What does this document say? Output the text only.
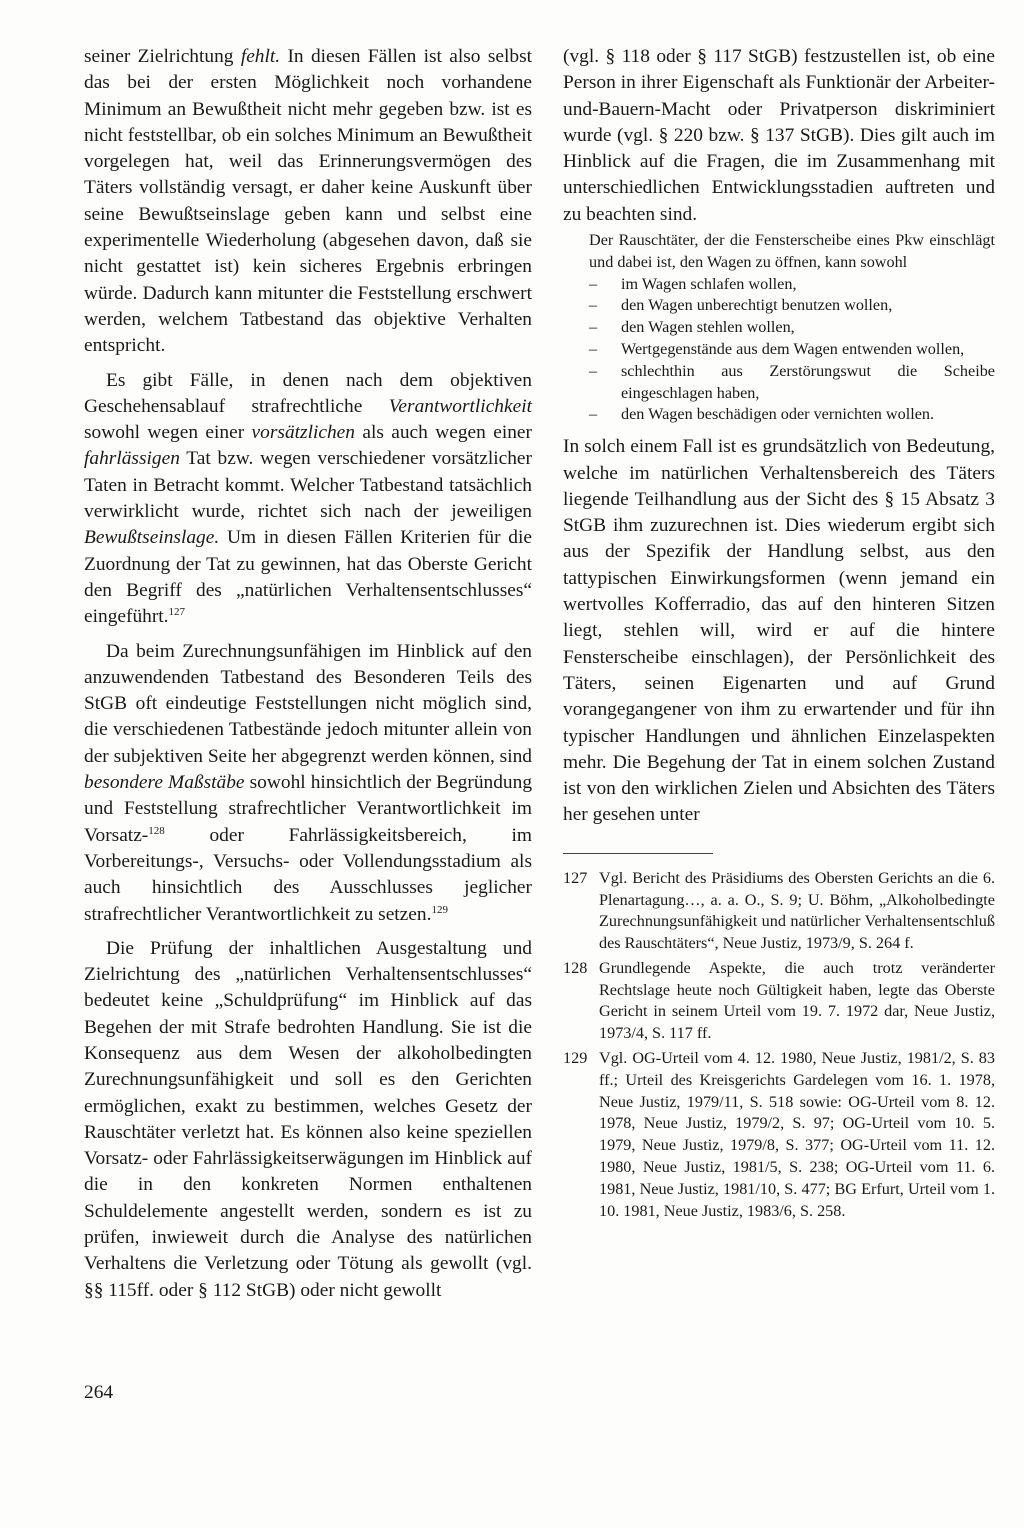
seiner Zielrichtung fehlt. In diesen Fällen ist also selbst das bei der ersten Möglichkeit noch vorhandene Minimum an Bewußtheit nicht mehr gegeben bzw. ist es nicht feststellbar, ob ein solches Minimum an Bewußtheit vorgelegen hat, weil das Erinnerungsvermögen des Täters vollständig versagt, er daher keine Auskunft über seine Bewußtseinslage geben kann und selbst eine experimentelle Wiederholung (abgesehen davon, daß sie nicht gestattet ist) kein sicheres Ergebnis erbringen würde. Dadurch kann mitunter die Feststellung erschwert werden, welchem Tatbestand das objektive Verhalten entspricht.

Es gibt Fälle, in denen nach dem objektiven Geschehensablauf strafrechtliche Verantwortlichkeit sowohl wegen einer vorsätzlichen als auch wegen einer fahrlässigen Tat bzw. wegen verschiedener vorsätzlicher Taten in Betracht kommt. Welcher Tatbestand tatsächlich verwirklicht wurde, richtet sich nach der jeweiligen Bewußtseinslage. Um in diesen Fällen Kriterien für die Zuordnung der Tat zu gewinnen, hat das Oberste Gericht den Begriff des „natürlichen Verhaltensentschlusses“ eingeführt.$^{127}$

Da beim Zurechnungsunfähigen im Hinblick auf den anzuwendenden Tatbestand des Besonderen Teils des StGB oft eindeutige Feststellungen nicht möglich sind, die verschiedenen Tatbestände jedoch mitunter allein von der subjektiven Seite her abgegrenzt werden können, sind besondere Maßstäbe sowohl hinsichtlich der Begründung und Feststellung strafrechtlicher Verantwortlichkeit im Vorsatz-$^{128}$ oder Fahrlässigkeitsbereich, im Vorbereitungs-, Versuchs- oder Vollendungsstadium als auch hinsichtlich des Ausschlusses jeglicher strafrechtlicher Verantwortlichkeit zu setzen.$^{129}$

Die Prüfung der inhaltlichen Ausgestaltung und Zielrichtung des „natürlichen Verhaltensentschlusses“ bedeutet keine „Schuldprüfung“ im Hinblick auf das Begehen der mit Strafe bedrohten Handlung. Sie ist die Konsequenz aus dem Wesen der alkoholbedingten Zurechnungsunfähigkeit und soll es den Gerichten ermöglichen, exakt zu bestimmen, welches Gesetz der Rauschtäter verletzt hat. Es können also keine speziellen Vorsatz- oder Fahrlässigkeitserwägungen im Hinblick auf die in den konkreten Normen enthaltenen Schuldelemente angestellt werden, sondern es ist zu prüfen, inwieweit durch die Analyse des natürlichen Verhaltens die Verletzung oder Tötung als gewollt (vgl. §§ 115ff. oder § 112 StGB) oder nicht gewollt

(vgl. § 118 oder § 117 StGB) festzustellen ist, ob eine Person in ihrer Eigenschaft als Funktionär der Arbeiter-und-Bauern-Macht oder Privatperson diskriminiert wurde (vgl. § 220 bzw. § 137 StGB). Dies gilt auch im Hinblick auf die Fragen, die im Zusammenhang mit unterschiedlichen Entwicklungsstadien auftreten und zu beachten sind.

Der Rauschtäter, der die Fensterscheibe eines Pkw einschlägt und dabei ist, den Wagen zu öffnen, kann sowohl

– im Wagen schlafen wollen,
– den Wagen unberechtigt benutzen wollen,
– den Wagen stehlen wollen,
– Wertgegenstände aus dem Wagen entwenden wollen,
– schlechthin aus Zerstörungswut die Scheibe eingeschlagen haben,
– den Wagen beschädigen oder vernichten wollen.

In solch einem Fall ist es grundsätzlich von Bedeutung, welche im natürlichen Verhaltensbereich des Täters liegende Teilhandlung aus der Sicht des § 15 Absatz 3 StGB ihm zuzurechnen ist. Dies wiederum ergibt sich aus der Spezifik der Handlung selbst, aus den tattypischen Einwirkungsformen (wenn jemand ein wertvolles Kofferradio, das auf den hinteren Sitzen liegt, stehlen will, wird er auf die hintere Fensterscheibe einschlagen), der Persönlichkeit des Täters, seinen Eigenarten und auf Grund vorangegangener von ihm zu erwartender und für ihn typischer Handlungen und ähnlichen Einzelaspekten mehr. Die Begehung der Tat in einem solchen Zustand ist von den wirklichen Zielen und Absichten des Täters her gesehen unter

127 Vgl. Bericht des Präsidiums des Obersten Gerichts an die 6. Plenartagung…, a. a. O., S. 9; U. Böhm, „Alkoholbedingte Zurechnungsunfähigkeit und natürlicher Verhaltensentschluß des Rauschtäters“, Neue Justiz, 1973/9, S. 264 f.
128 Grundlegende Aspekte, die auch trotz veränderter Rechtslage heute noch Gültigkeit haben, legte das Oberste Gericht in seinem Urteil vom 19. 7. 1972 dar, Neue Justiz, 1973/4, S. 117 ff.
129 Vgl. OG-Urteil vom 4. 12. 1980, Neue Justiz, 1981/2, S. 83 ff.; Urteil des Kreisgerichts Gardelegen vom 16. 1. 1978, Neue Justiz, 1979/11, S. 518 sowie: OG-Urteil vom 8. 12. 1978, Neue Justiz, 1979/2, S. 97; OG-Urteil vom 10. 5. 1979, Neue Justiz, 1979/8, S. 377; OG-Urteil vom 11. 12. 1980, Neue Justiz, 1981/5, S. 238; OG-Urteil vom 11. 6. 1981, Neue Justiz, 1981/10, S. 477; BG Erfurt, Urteil vom 1. 10. 1981, Neue Justiz, 1983/6, S. 258.
264
